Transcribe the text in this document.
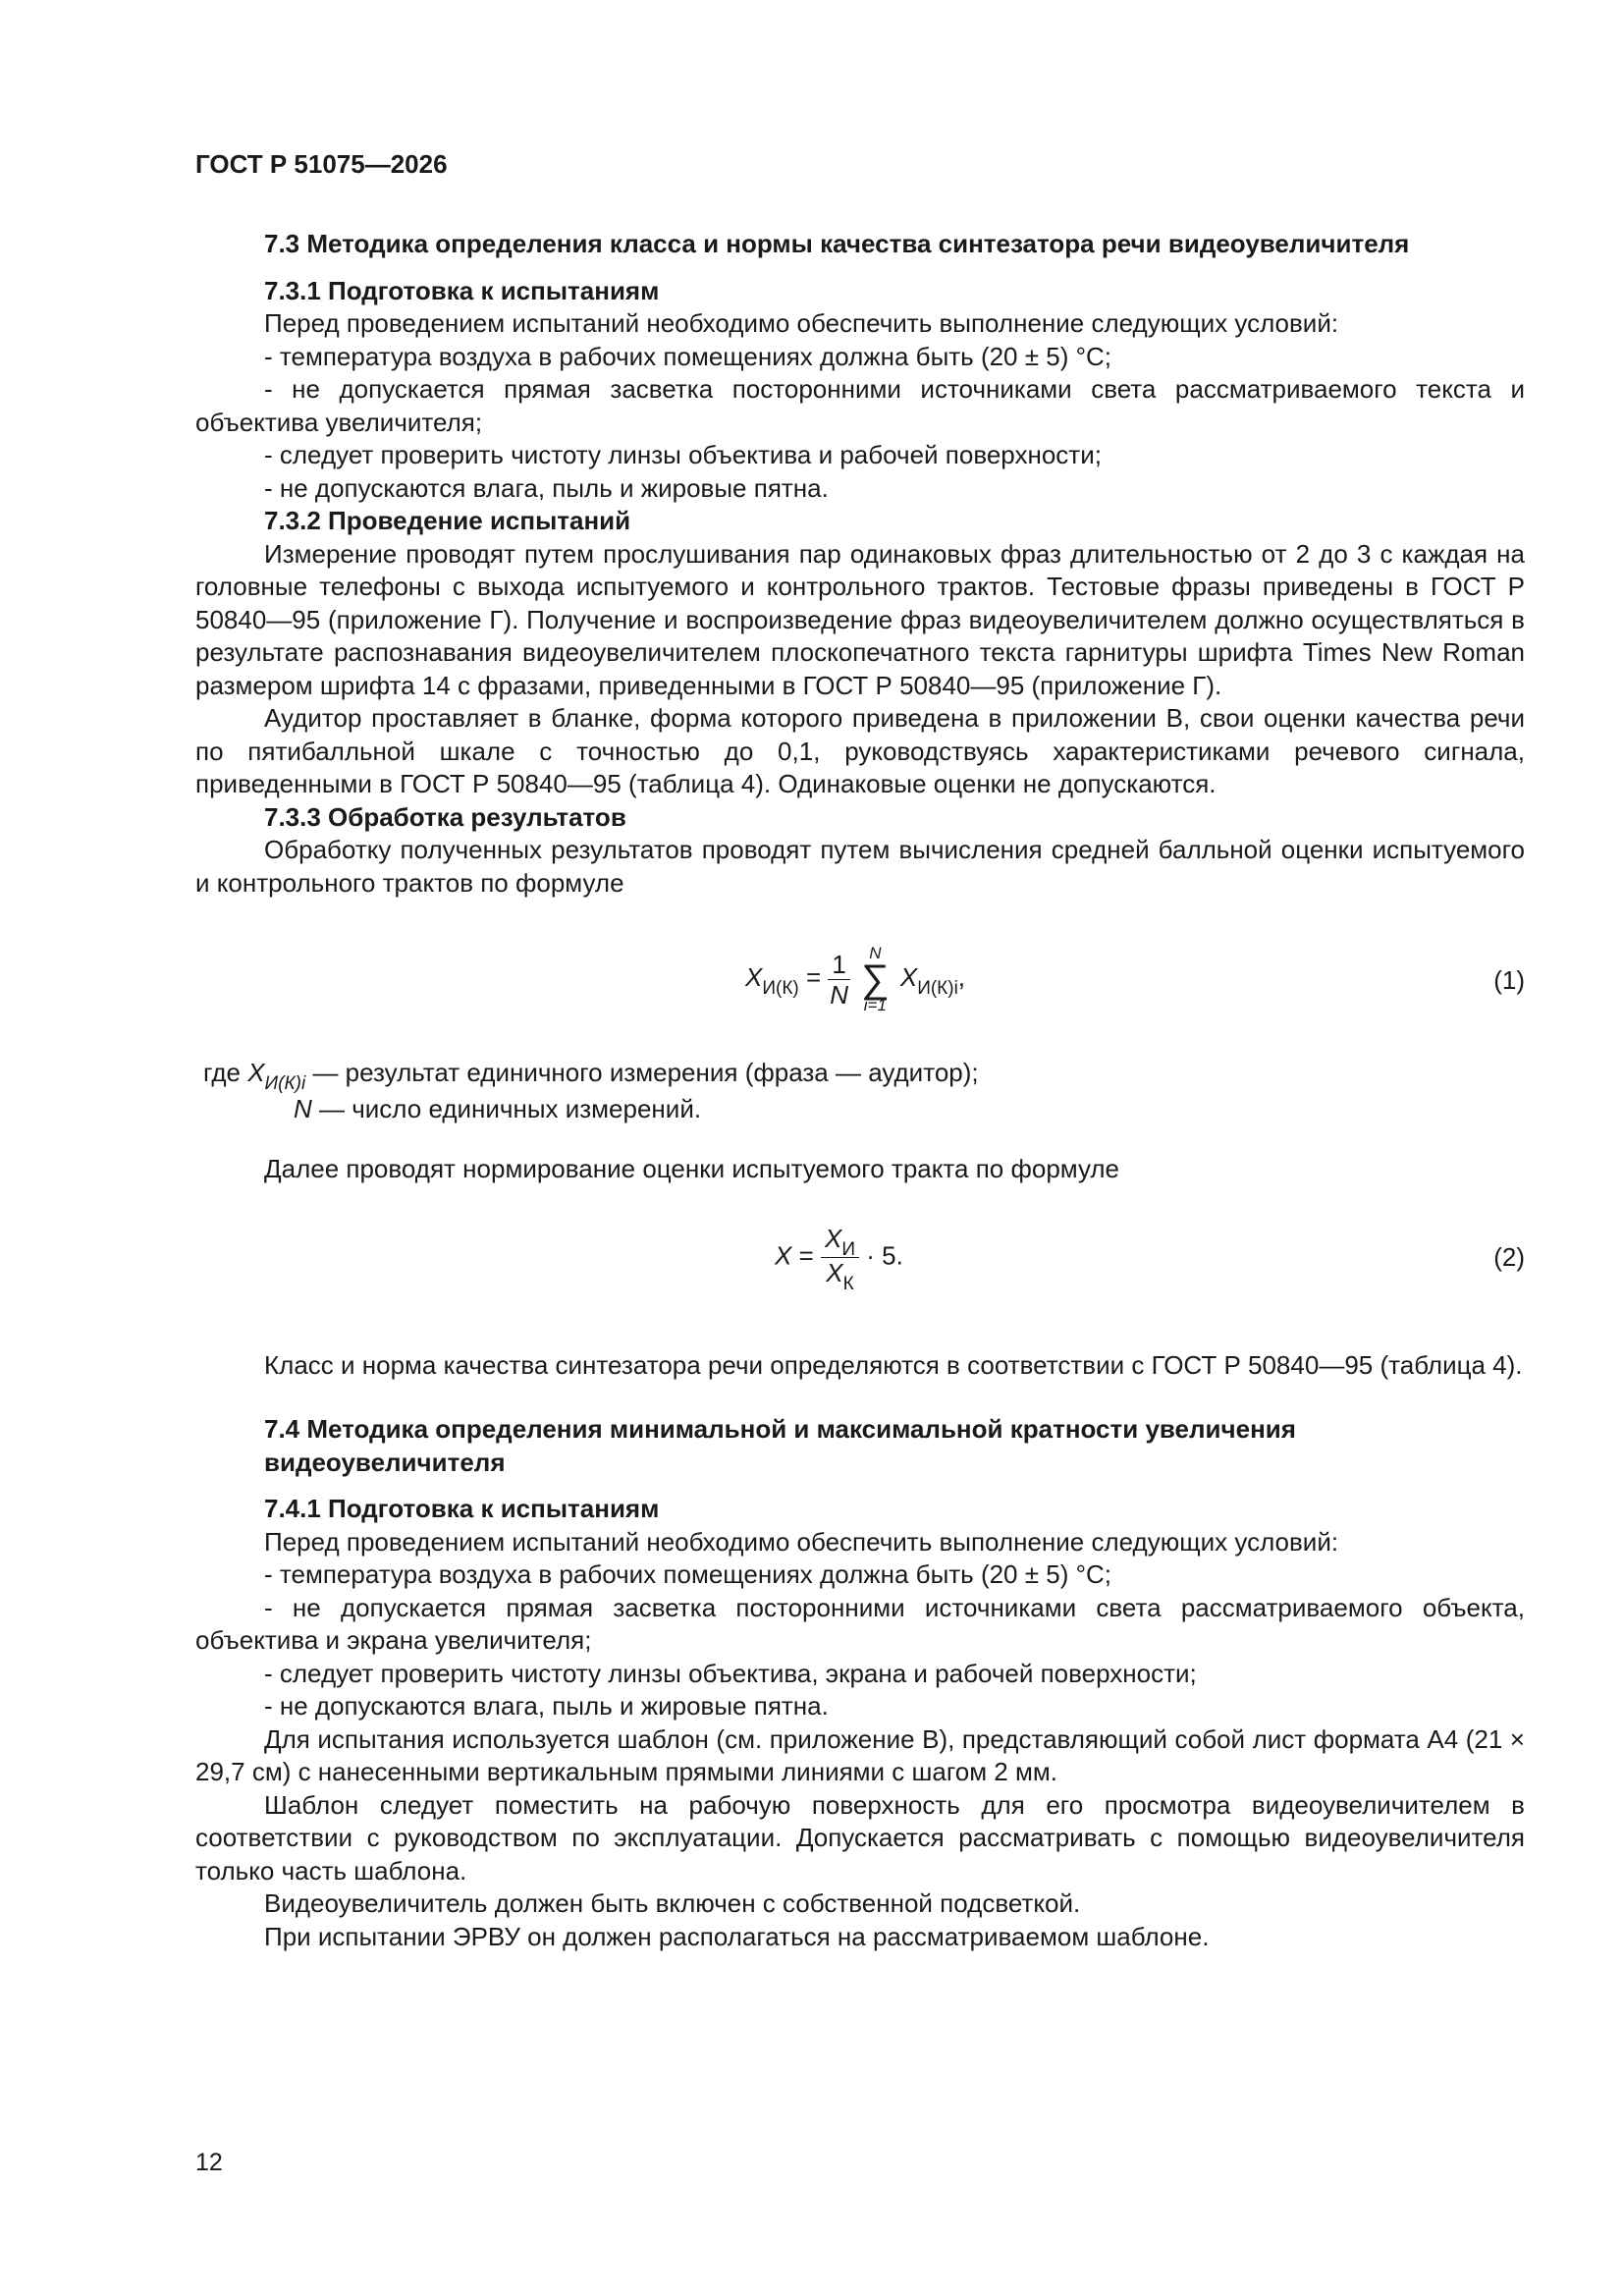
ГОСТ Р 51075—2026

7.3 Методика определения класса и нормы качества синтезатора речи видеоувеличителя

7.3.1 Подготовка к испытаниям

Перед проведением испытаний необходимо обеспечить выполнение следующих условий:

- температура воздуха в рабочих помещениях должна быть (20 ± 5) °С;

- не допускается прямая засветка посторонними источниками света рассматриваемого текста и объектива увеличителя;

- следует проверить чистоту линзы объектива и рабочей поверхности;

- не допускаются влага, пыль и жировые пятна.

7.3.2 Проведение испытаний

Измерение проводят путем прослушивания пар одинаковых фраз длительностью от 2 до 3 с каждая на головные телефоны с выхода испытуемого и контрольного трактов. Тестовые фразы приведены в ГОСТ Р 50840—95 (приложение Г). Получение и воспроизведение фраз видеоувеличителем должно осуществляться в результате распознавания видеоувеличителем плоскопечатного текста гарнитуры шрифта Times New Roman размером шрифта 14 с фразами, приведенными в ГОСТ Р 50840—95 (приложение Г).

Аудитор проставляет в бланке, форма которого приведена в приложении В, свои оценки качества речи по пятибалльной шкале с точностью до 0,1, руководствуясь характеристиками речевого сигнала, приведенными в ГОСТ Р 50840—95 (таблица 4). Одинаковые оценки не допускаются.

7.3.3 Обработка результатов

Обработку полученных результатов проводят путем вычисления средней балльной оценки испытуемого и контрольного трактов по формуле

$X_{И(К)} = \frac{1}{N}$
	N
∑
i=1
$X_{И(К)i}$,	(1)

где $X_{И(К)i}$ — результат единичного измерения (фраза — аудитор);

N — число единичных измерений.

Далее проводят нормирование оценки испытуемого тракта по формуле

$X = \frac{X_И}{X_К} \cdot 5$.	(2)

Класс и норма качества синтезатора речи определяются в соответствии с ГОСТ Р 50840—95 (таблица 4).

7.4 Методика определения минимальной и максимальной кратности увеличения видеоувеличителя

7.4.1 Подготовка к испытаниям

Перед проведением испытаний необходимо обеспечить выполнение следующих условий:

- температура воздуха в рабочих помещениях должна быть (20 ± 5) °С;

- не допускается прямая засветка посторонними источниками света рассматриваемого объекта, объектива и экрана увеличителя;

- следует проверить чистоту линзы объектива, экрана и рабочей поверхности;

- не допускаются влага, пыль и жировые пятна.

Для испытания используется шаблон (см. приложение В), представляющий собой лист формата А4 (21 × 29,7 см) с нанесенными вертикальным прямыми линиями с шагом 2 мм.

Шаблон следует поместить на рабочую поверхность для его просмотра видеоувеличителем в соответствии с руководством по эксплуатации. Допускается рассматривать с помощью видеоувеличителя только часть шаблона.

Видеоувеличитель должен быть включен с собственной подсветкой.

При испытании ЭРВУ он должен располагаться на рассматриваемом шаблоне.

12
